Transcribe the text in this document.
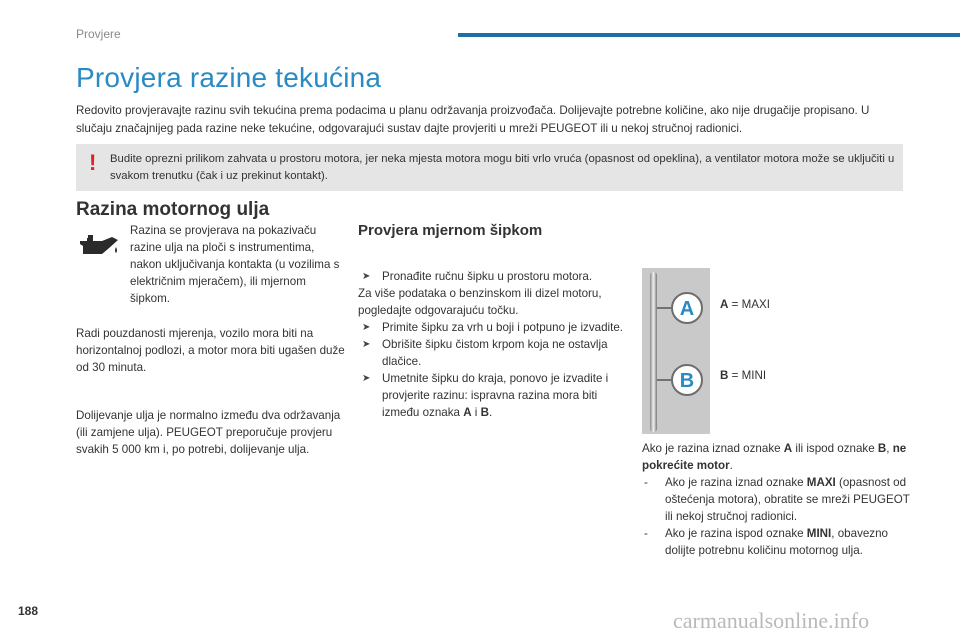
Provjere
Provjera razine tekućina
Redovito provjeravajte razinu svih tekućina prema podacima u planu održavanja proizvođača. Dolijevajte potrebne količine, ako nije drugačije propisano. U slučaju značajnijeg pada razine neke tekućine, odgovarajući sustav dajte provjeriti u mreži PEUGEOT ili u nekoj stručnoj radionici.
! Budite oprezni prilikom zahvata u prostoru motora, jer neka mjesta motora mogu biti vrlo vruća (opasnost od opeklina), a ventilator motora može se uključiti u svakom trenutku (čak i uz prekinut kontakt).
Razina motornog ulja
Razina se provjerava na pokazivaču razine ulja na ploči s instrumentima, nakon uključivanja kontakta (u vozilima s električnim mjeračem), ili mjernom šipkom.
Radi pouzdanosti mjerenja, vozilo mora biti na horizontalnoj podlozi, a motor mora biti ugašen duže od 30 minuta.
Dolijevanje ulja je normalno između dva održavanja (ili zamjene ulja). PEUGEOT preporučuje provjeru svakih 5 000 km i, po potrebi, dolijevanje ulja.
Provjera mjernom šipkom
➤ Pronađite ručnu šipku u prostoru motora.
Za više podataka o benzinskom ili dizel motoru, pogledajte odgovarajuću točku.
➤ Primite šipku za vrh u boji i potpuno je izvadite.
➤ Obrišite šipku čistom krpom koja ne ostavlja dlačice.
➤ Umetnite šipku do kraja, ponovo je izvadite i provjerite razinu: ispravna razina mora biti između oznaka A i B.
A
B
A = MAXI
B = MINI
Ako je razina iznad oznake A ili ispod oznake B, ne pokrećite motor.
- Ako je razina iznad oznake MAXI (opasnost od oštećenja motora), obratite se mreži PEUGEOT ili nekoj stručnoj radionici.
- Ako je razina ispod oznake MINI, obavezno dolijte potrebnu količinu motornog ulja.
188	carmanualsonline.info
